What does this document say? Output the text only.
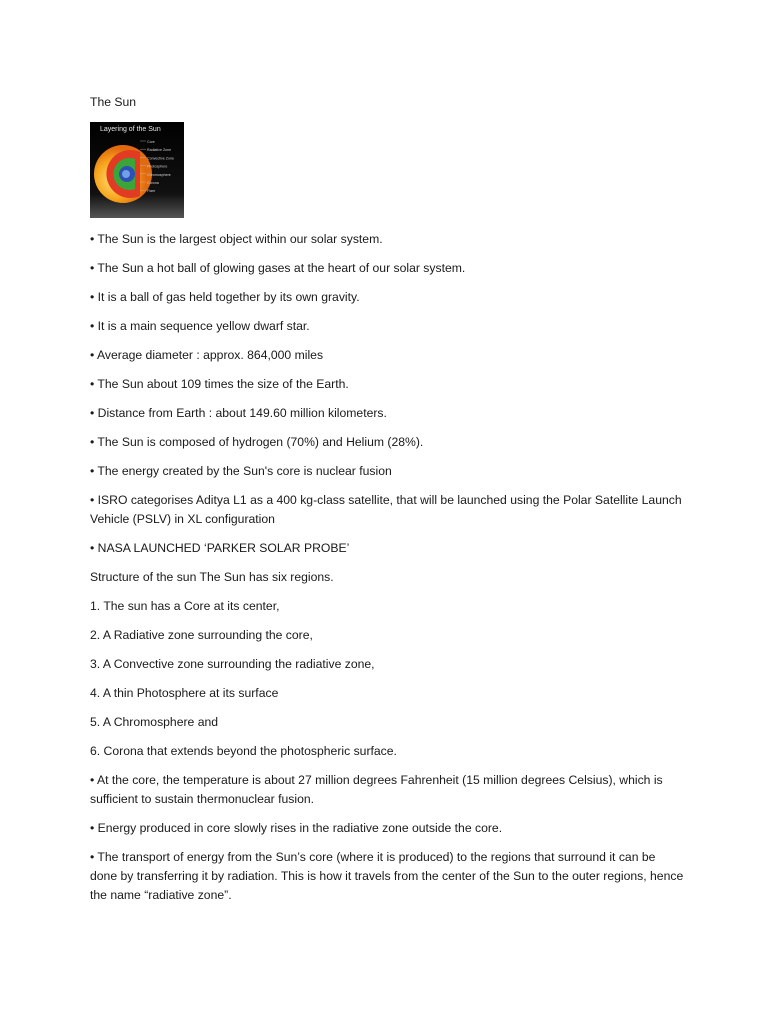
The Sun
Layering of the Sun
Core
Radiative Zone
Convective Zone
Photosphere
Chromosphere
Corona
Flare
• The Sun is the largest object within our solar system.
• The Sun a hot ball of glowing gases at the heart of our solar system.
• It is a ball of gas held together by its own gravity.
• It is a main sequence yellow dwarf star.
• Average diameter : approx. 864,000 miles
• The Sun about 109 times the size of the Earth.
• Distance from Earth : about 149.60 million kilometers.
• The Sun is composed of hydrogen (70%) and Helium (28%).
• The energy created by the Sun's core is nuclear fusion
• ISRO categorises Aditya L1 as a 400 kg-class satellite, that will be launched using the Polar Satellite Launch Vehicle (PSLV) in XL configuration
• NASA LAUNCHED ‘PARKER SOLAR PROBE’
Structure of the sun The Sun has six regions.
1. The sun has a Core at its center,
2. A Radiative zone surrounding the core,
3. A Convective zone surrounding the radiative zone,
4. A thin Photosphere at its surface
5. A Chromosphere and
6. Corona that extends beyond the photospheric surface.
• At the core, the temperature is about 27 million degrees Fahrenheit (15 million degrees Celsius), which is sufficient to sustain thermonuclear fusion.
• Energy produced in core slowly rises in the radiative zone outside the core.
• The transport of energy from the Sun’s core (where it is produced) to the regions that surround it can be done by transferring it by radiation. This is how it travels from the center of the Sun to the outer regions, hence the name “radiative zone”.
